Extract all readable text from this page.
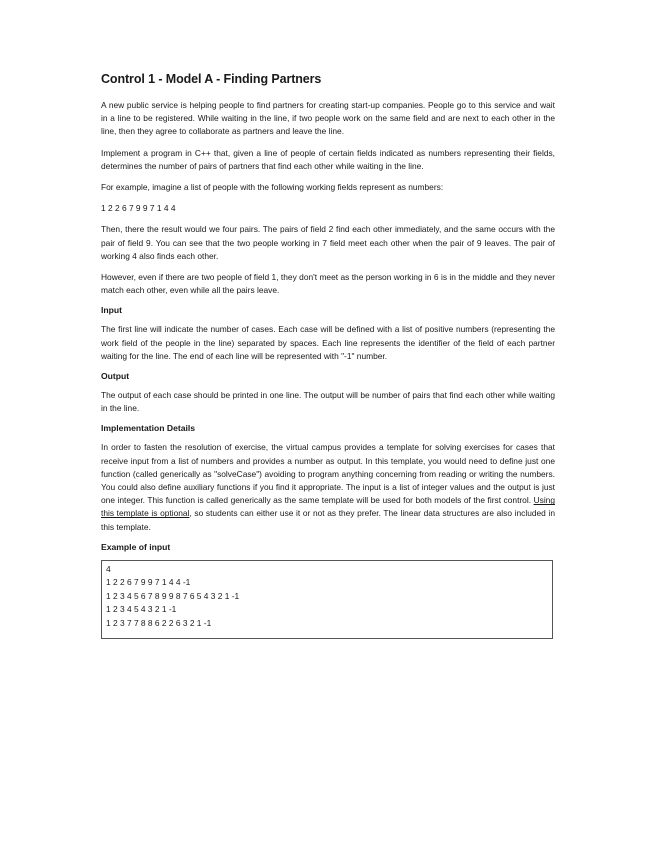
Control 1 - Model A - Finding Partners

A new public service is helping people to find partners for creating start-up companies. People go to this service and wait in a line to be registered. While waiting in the line, if two people work on the same field and are next to each other in the line, then they agree to collaborate as partners and leave the line.

Implement a program in C++ that, given a line of people of certain fields indicated as numbers representing their fields, determines the number of pairs of partners that find each other while waiting in the line.

For example, imagine a list of people with the following working fields represent as numbers:

1 2 2 6 7 9 9 7 1 4 4

Then, there the result would we four pairs. The pairs of field 2 find each other immediately, and the same occurs with the pair of field 9. You can see that the two people working in 7 field meet each other when the pair of 9 leaves. The pair of working 4 also finds each other.

However, even if there are two people of field 1, they don't meet as the person working in 6 is in the middle and they never match each other, even while all the pairs leave.

Input

The first line will indicate the number of cases. Each case will be defined with a list of positive numbers (representing the work field of the people in the line) separated by spaces. Each line represents the identifier of the field of each partner waiting for the line. The end of each line will be represented with "-1" number.

Output

The output of each case should be printed in one line. The output will be number of pairs that find each other while waiting in the line.

Implementation Details

In order to fasten the resolution of exercise, the virtual campus provides a template for solving exercises for cases that receive input from a list of numbers and provides a number as output. In this template, you would need to define just one function (called generically as "solveCase") avoiding to program anything concerning from reading or writing the numbers. You could also define auxiliary functions if you find it appropriate. The input is a list of integer values and the output is just one integer. This function is called generically as the same template will be used for both models of the first control. Using this template is optional, so students can either use it or not as they prefer. The linear data structures are also included in this template.

Example of input
4
1 2 2 6 7 9 9 7 1 4 4 -1
1 2 3 4 5 6 7 8 9 9 8 7 6 5 4 3 2 1 -1
1 2 3 4 5 4 3 2 1 -1
1 2 3 7 7 8 8 6 2 2 6 3 2 1 -1
